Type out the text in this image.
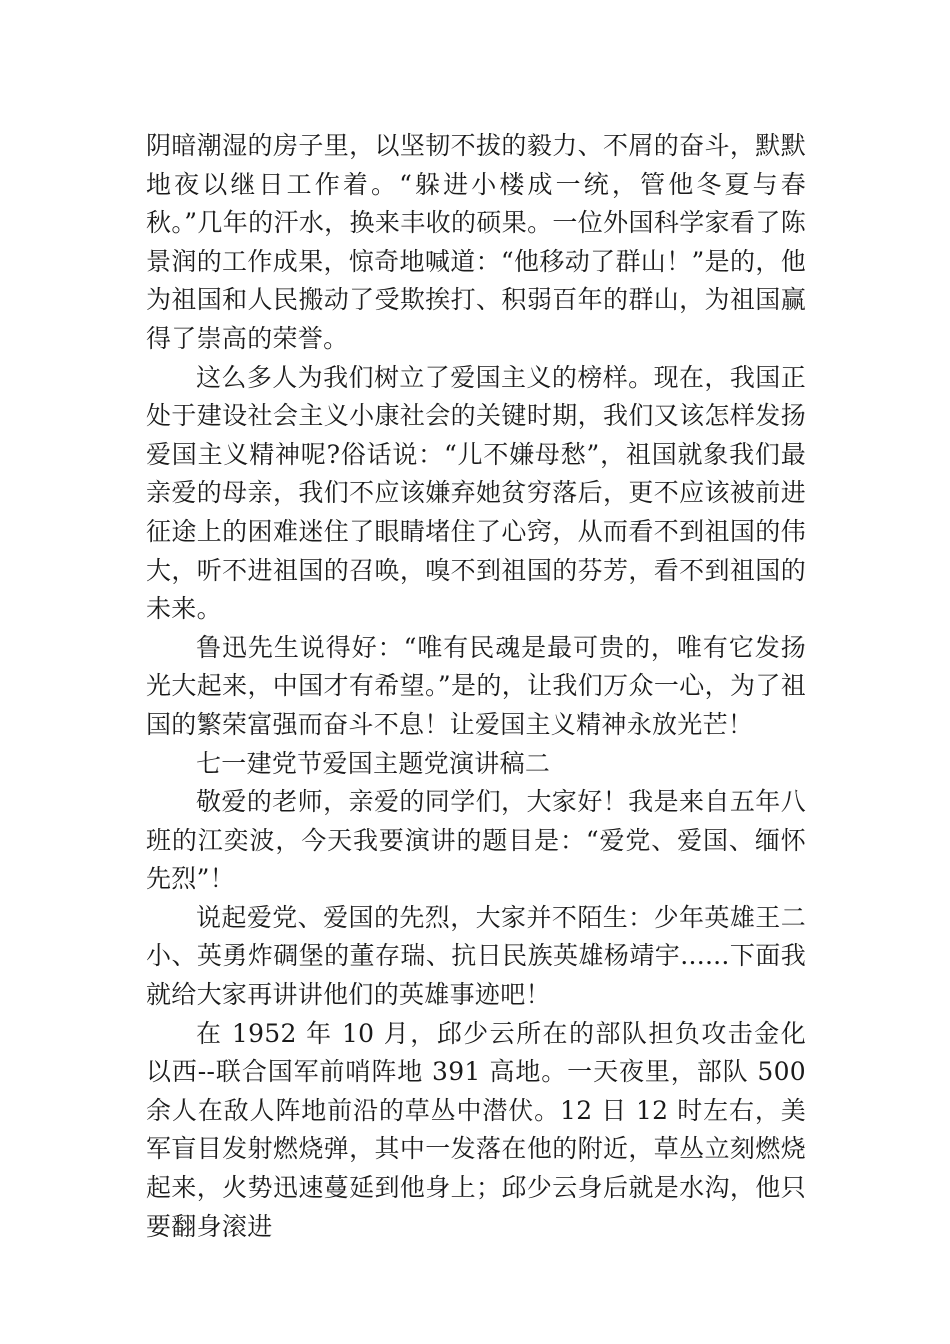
阴暗潮湿的房子里，以坚韧不拔的毅力、不屑的奋斗，默默地夜以继日工作着。“躲进小楼成一统，管他冬夏与春秋。”几年的汗水，换来丰收的硕果。一位外国科学家看了陈景润的工作成果，惊奇地喊道：“他移动了群山！”是的，他为祖国和人民搬动了受欺挨打、积弱百年的群山，为祖国赢得了崇高的荣誉。

这么多人为我们树立了爱国主义的榜样。现在，我国正处于建设社会主义小康社会的关键时期，我们又该怎样发扬爱国主义精神呢?俗话说：“儿不嫌母愁”，祖国就象我们最亲爱的母亲，我们不应该嫌弃她贫穷落后，更不应该被前进征途上的困难迷住了眼睛堵住了心窍，从而看不到祖国的伟大，听不进祖国的召唤，嗅不到祖国的芬芳，看不到祖国的未来。

鲁迅先生说得好：“唯有民魂是最可贵的，唯有它发扬光大起来，中国才有希望。”是的，让我们万众一心，为了祖国的繁荣富强而奋斗不息！让爱国主义精神永放光芒！

七一建党节爱国主题党演讲稿二

敬爱的老师，亲爱的同学们，大家好！我是来自五年八班的江奕波，今天我要演讲的题目是：“爱党、爱国、缅怀先烈”！

说起爱党、爱国的先烈，大家并不陌生：少年英雄王二小、英勇炸碉堡的董存瑞、抗日民族英雄杨靖宇......下面我就给大家再讲讲他们的英雄事迹吧！

在 1952 年 10 月，邱少云所在的部队担负攻击金化以西--联合国军前哨阵地 391 高地。一天夜里，部队 500 余人在敌人阵地前沿的草丛中潜伏。12 日 12 时左右，美军盲目发射燃烧弹，其中一发落在他的附近，草丛立刻燃烧起来，火势迅速蔓延到他身上；邱少云身后就是水沟，他只要翻身滚进
